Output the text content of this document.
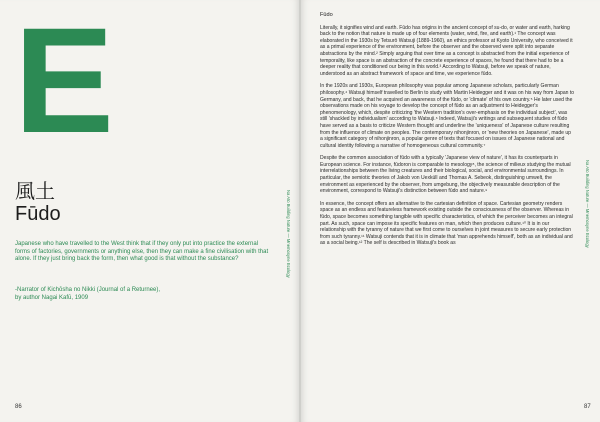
E
風土
Fūdo
Japanese who have travelled to the West think that if they only put into practice the external forms of factories, governments or anything else, then they can make a fine civilisation with that alone. If they just bring back the form, then what good is that without the substance?
-Narrator of Kichōsha no Nikki (Journal of a Returnee),
by author Nagai Kafū, 1909
Na Ato Building Nature — Mnemosyne Ecology
86
Fūdo

Literally, it signifies wind and earth. Fūdo has origins in the ancient concept of su-do, or water and earth, harking back to the notion that nature is made up of four elements (water, wind, fire, and earth).¹ The concept was elaborated in the 1930s by Tetsurō Watsuji (1889-1960), an ethics professor at Kyoto University, who conceived it as a primal experience of the environment, before the observer and the observed were split into separate abstractions by the mind.² Simply arguing that over time as a concept is abstracted from the initial experience of temporality, like space is an abstraction of the concrete experience of spaces, he found that there had to be a deeper reality that conditioned our being in this world.³ According to Watsuji, before we speak of nature, understood as an abstract framework of space and time, we experience fūdo.

In the 1920s and 1930s, European philosophy was popular among Japanese scholars, particularly German philosophy.⁴ Watsuji himself travelled to Berlin to study with Martin Heidegger and it was on his way from Japan to Germany, and back, that he acquired an awareness of the fūdo, or 'climate' of his own country.⁵ He later used the observations made on his voyage to develop the concept of fūdo as an adjustment to Heidegger's phenomenology, which, despite criticizing 'the Western tradition's over-emphasis on the individual subject', was still 'shackled by individualism' according to Watsuji.⁶ Indeed, Watsuji's writings and subsequent studies of fūdo have served as a basis to criticize Western thought and underline the 'uniqueness' of Japanese culture resulting from the influence of climate on peoples. The contemporary nihonjinron, or 'new theories on Japanese', made up a significant category of nihonjinron, a popular genre of texts that focused on issues of Japanese national and cultural identity following a narrative of homogeneous cultural community.⁷

Despite the common association of fūdo with a typically 'Japanese view of nature', it has its counterparts in European science. For instance, fūdoron is comparable to mesology⁸, the science of milieux studying the mutual interrelationships between the living creatures and their biological, social, and environmental surroundings. In particular, the semiotic theories of Jakob von Uexküll and Thomas A. Sebeok, distinguishing umwelt, the environment as experienced by the observer, from umgebung, the objectively measurable description of the environment, correspond to Watsuji's distinction between fūdo and nature.⁹

In essence, the concept offers an alternative to the cartesian definition of space. Cartesian geometry renders space as an endless and featureless framework existing outside the consciousness of the observer. Whereas in fūdo, space becomes something tangible with specific characteristics, of which the perceiver becomes an integral part. As such, space can impose its specific features on man, which then produces culture.¹⁰ It is in our relationship with the tyranny of nature that we first come to ourselves in joint measures to secure early protection from such tyranny.¹¹ Watsuji contends that it is in climate that 'man apprehends himself', both as an individual and as a social being.¹² The self is described in Watsuji's book as	Na Ato Building Nature — Mnemosyne Ecology
87
